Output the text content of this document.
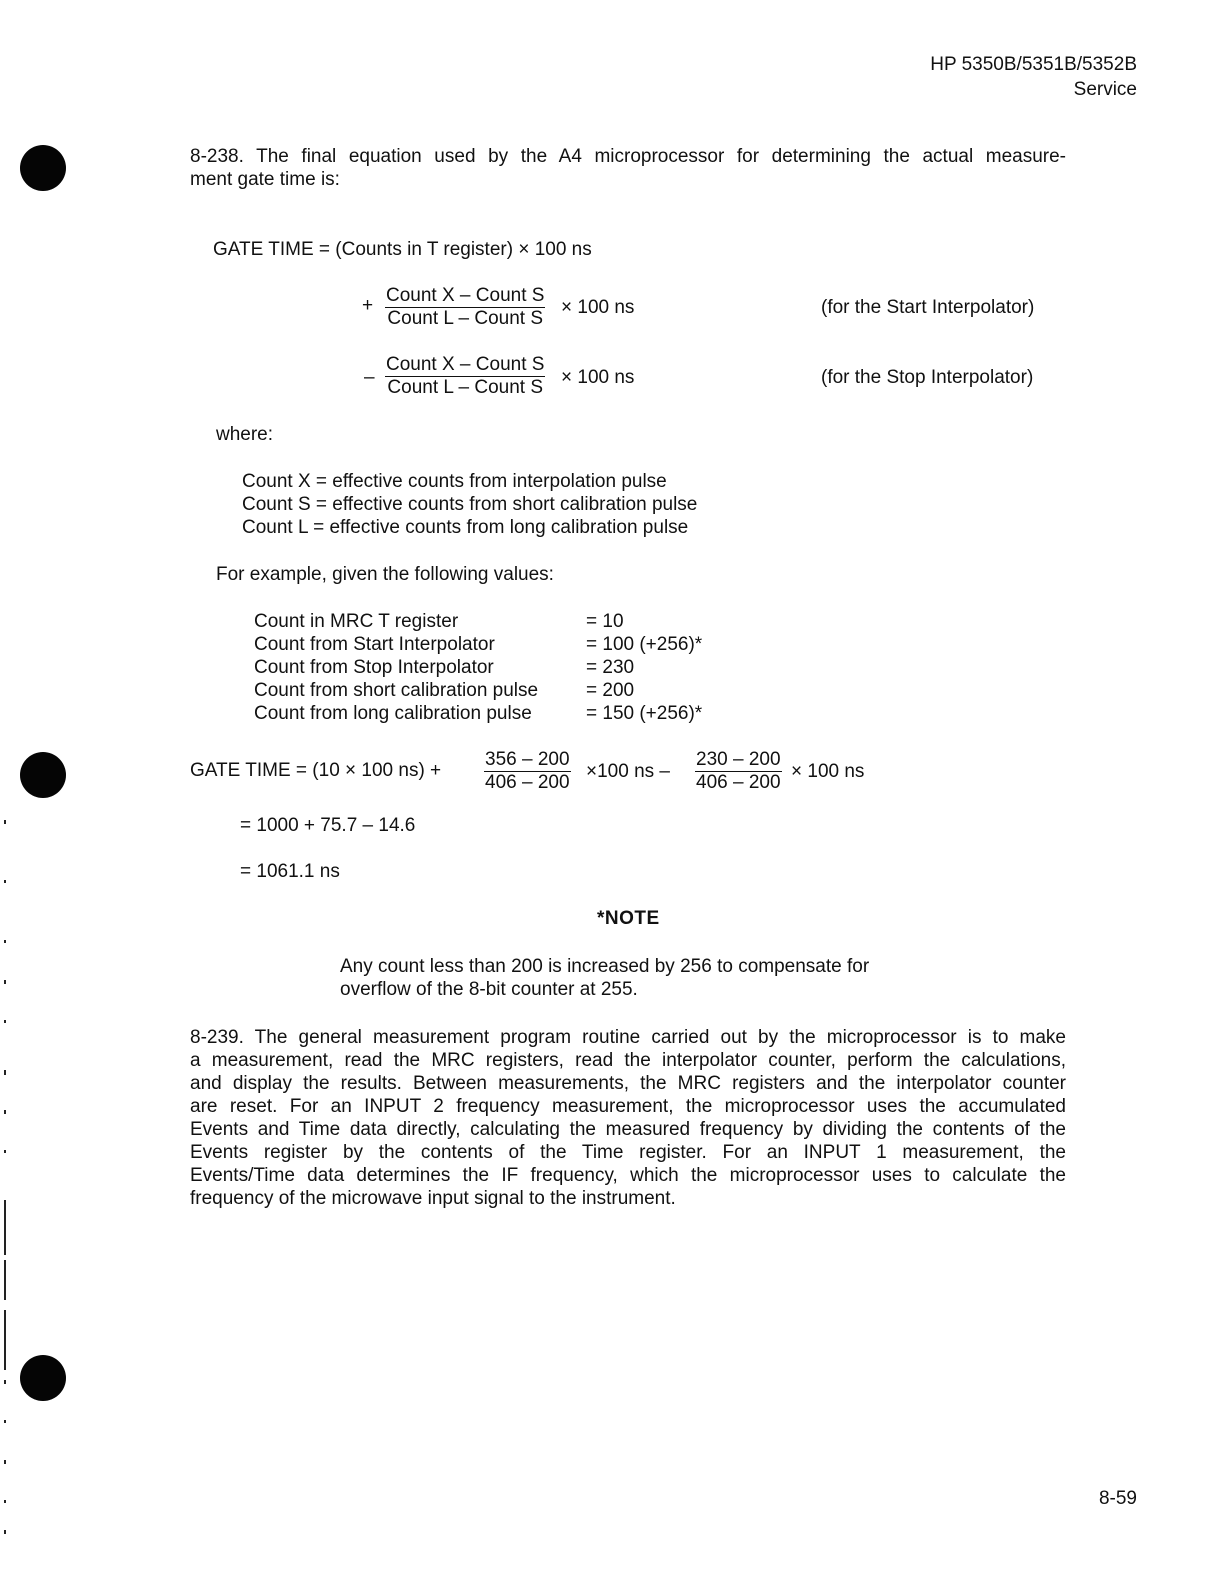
HP 5350B/5351B/5352B
Service
8-238. The final equation used by the A4 microprocessor for determining the actual measure-
ment gate time is:
GATE TIME = (Counts in T register) × 100 ns
+ Count X – Count S
Count L – Count S
× 100 ns	(for the Start Interpolator)
–
Count X – Count S
Count L – Count S × 100 ns	(for the Stop Interpolator)
where:
Count X = effective counts from interpolation pulse
Count S = effective counts from short calibration pulse
Count L = effective counts from long calibration pulse
For example, given the following values:
Count in MRC T register	= 10
Count from Start Interpolator	= 100 (+256)*
Count from Stop Interpolator	= 230
Count from short calibration pulse	= 200
Count from long calibration pulse	= 150 (+256)*
GATE TIME = (10 × 100 $ns) + \frac{356 - 200}{406 - 200} \times 100$ ns – $\frac{230 - 200}{406 - 200} \times 100$ ns
= 1000 + 75.7 – 14.6
= 1061.1 ns
*NOTE
Any count less than 200 is increased by 256 to compensate for
overflow of the 8-bit counter at 255.
8-239. The general measurement program routine carried out by the microprocessor is to make
a measurement, read the MRC registers, read the interpolator counter, perform the calculations,
and display the results. Between measurements, the MRC registers and the interpolator counter
are reset. For an INPUT 2 frequency measurement, the microprocessor uses the accumulated
Events and Time data directly, calculating the measured frequency by dividing the contents of the
Events register by the contents of the Time register. For an INPUT 1 measurement, the
Events/Time data determines the IF frequency, which the microprocessor uses to calculate the
frequency of the microwave input signal to the instrument.
8-59
